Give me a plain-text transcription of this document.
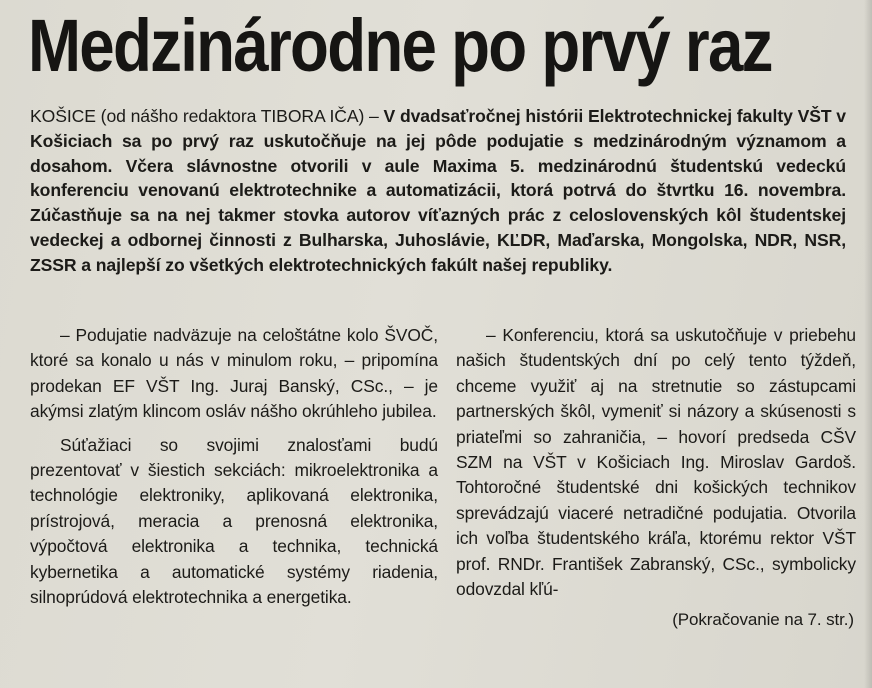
Medzinárodne po prvý raz

KOŠICE (od nášho redaktora TIBORA IČA) – V dvadsaťročnej histórii Elektrotechnickej fakulty VŠT v Košiciach sa po prvý raz uskutočňuje na jej pôde podujatie s medzinárodným významom a dosahom. Včera slávnostne otvorili v aule Maxima 5. medzinárodnú študentskú vedeckú konferenciu venovanú elektrotechnike a automatizácii, ktorá potrvá do štvrtku 16. novembra. Zúčastňuje sa na nej takmer stovka autorov víťazných prác z celoslovenských kôl študentskej vedeckej a odbornej činnosti z Bulharska, Juhoslávie, KĽDR, Maďarska, Mongolska, NDR, NSR, ZSSR a najlepší zo všetkých elektrotechnických fakúlt našej republiky.

– Podujatie nadväzuje na celoštátne kolo ŠVOČ, ktoré sa konalo u nás v minulom roku, – pripomína prodekan EF VŠT Ing. Juraj Banský, CSc., – je akýmsi zlatým klincom osláv nášho okrúhleho jubilea.

Súťažiaci so svojimi znalosťami budú prezentovať v šiestich sekciách: mikroelektronika a technológie elektroniky, aplikovaná elektronika, prístrojová, meracia a prenosná elektronika, výpočtová elektronika a technika, technická kybernetika a automatické systémy riadenia, silnoprúdová elektrotechnika a energetika.

– Konferenciu, ktorá sa uskutočňuje v priebehu našich študentských dní po celý tento týždeň, chceme využiť aj na stretnutie so zástupcami partnerských škôl, vymeniť si názory a skúsenosti s priateľmi so zahraničia, – hovorí predseda CŠV SZM na VŠT v Košiciach Ing. Miroslav Gardoš. Tohtoročné študentské dni košických technikov sprevádzajú viaceré netradičné podujatia. Otvorila ich voľba študentského kráľa, ktorému rektor VŠT prof. RNDr. František Zabranský, CSc., symbolicky odovzdal kľú-

(Pokračovanie na 7. str.)
